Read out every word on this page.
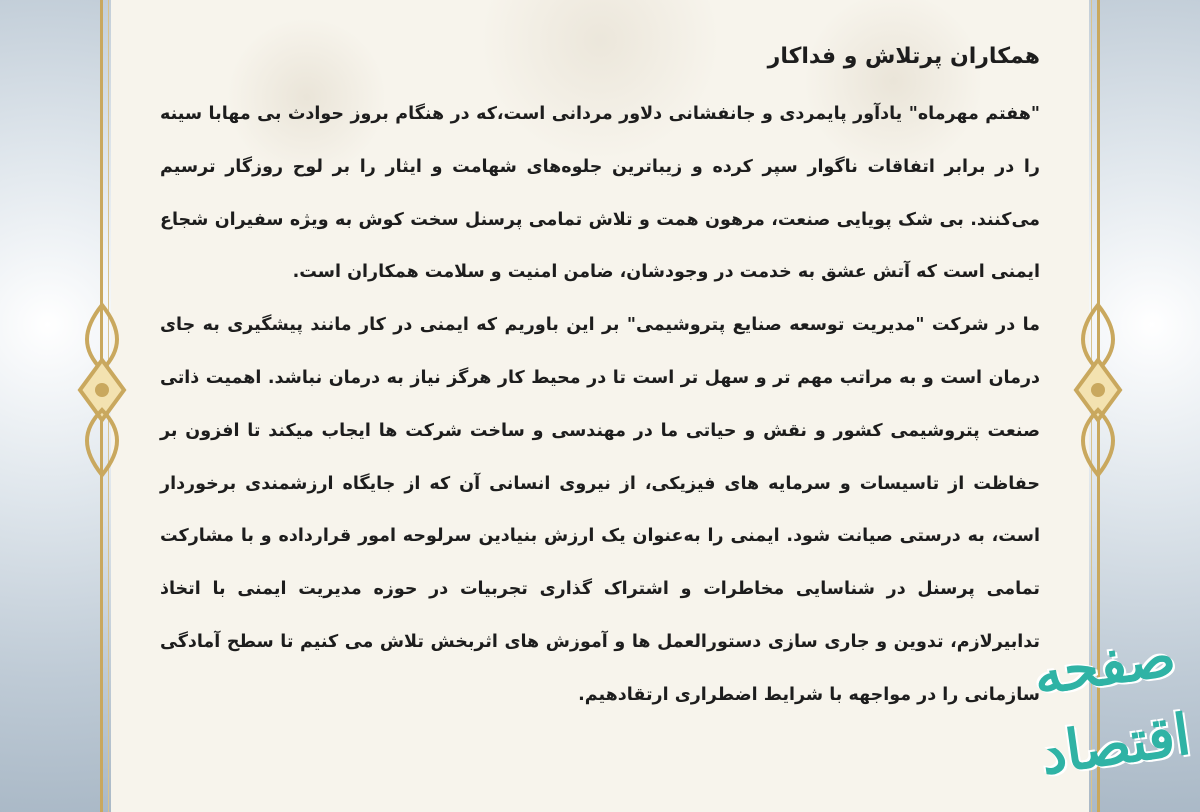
همکاران پرتلاش و فداکار

"هفتم مهرماه" یادآور پایمردی و جانفشانی دلاور مردانی است،که در هنگام بروز حوادث بی مهابا سینه را در برابر اتفاقات ناگوار سپر کرده و زیباترین جلوه‌های شهامت و ایثار را بر لوح روزگار ترسیم می‌کنند. بی شک پویایی صنعت، مرهون همت و تلاش تمامی پرسنل سخت کوش به ویژه سفیران شجاع ایمنی است که آتش عشق به خدمت در وجودشان، ضامن امنیت و سلامت همکاران است.

ما در شرکت "مدیریت توسعه صنایع پتروشیمی" بر این باوریم که ایمنی در کار مانند پیشگیری به جای درمان است و به مراتب مهم تر و سهل تر است تا در محیط کار هرگز نیاز به درمان نباشد. اهمیت ذاتی صنعت پتروشیمی کشور و نقش و حیاتی ما در مهندسی و ساخت شرکت ها ایجاب میکند تا افزون بر حفاظت از تاسیسات و سرمایه های فیزیکی، از نیروی انسانی آن که از جایگاه ارزشمندی برخوردار است، به درستی صیانت شود. ایمنی را به‌عنوان یک ارزش بنیادین سرلوحه امور قرارداده و با مشارکت تمامی پرسنل در شناسایی مخاطرات و اشتراک گذاری تجربیات در حوزه مدیریت ایمنی با اتخاذ تدابیرلازم، تدوین و جاری سازی دستورالعمل ها و آموزش های اثربخش تلاش می کنیم تا سطح آمادگی سازمانی را در مواجهه با شرایط اضطراری ارتقادهیم.

صفحه اقتصاد
